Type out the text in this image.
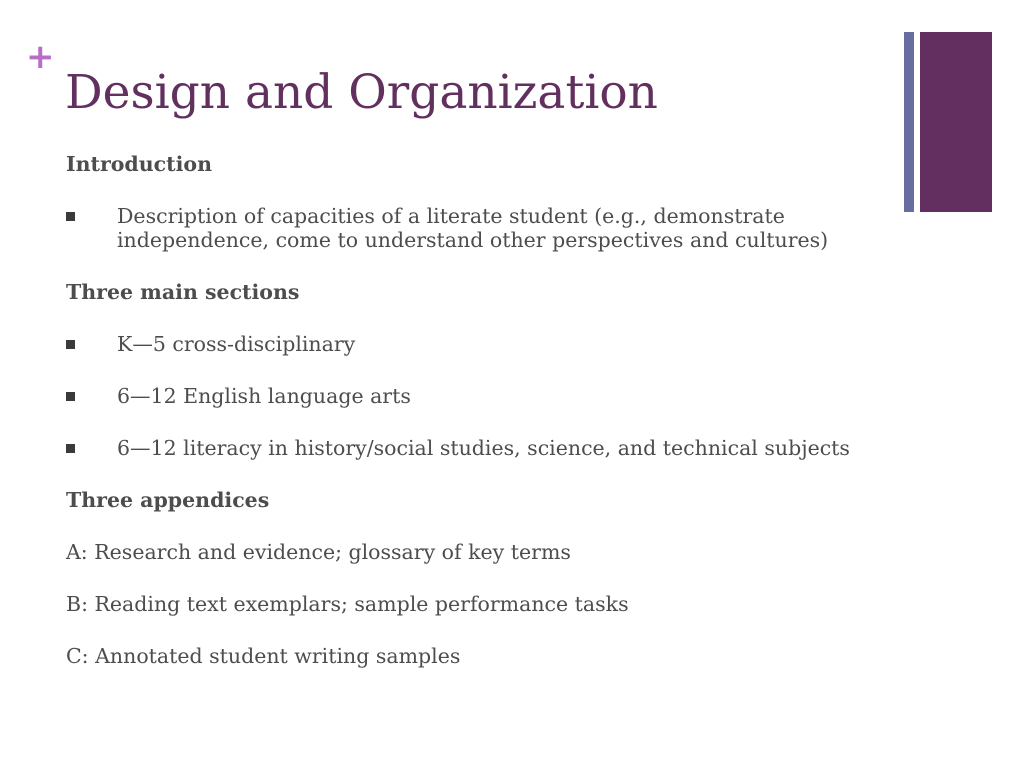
+
Design and Organization

Introduction

Description of capacities of a literate student (e.g., demonstrate independence, come to understand other perspectives and cultures)

Three main sections

K—5 cross-disciplinary
6—12 English language arts
6—12 literacy in history/social studies, science, and technical subjects

Three appendices

A: Research and evidence; glossary of key terms

B: Reading text exemplars; sample performance tasks

C: Annotated student writing samples
